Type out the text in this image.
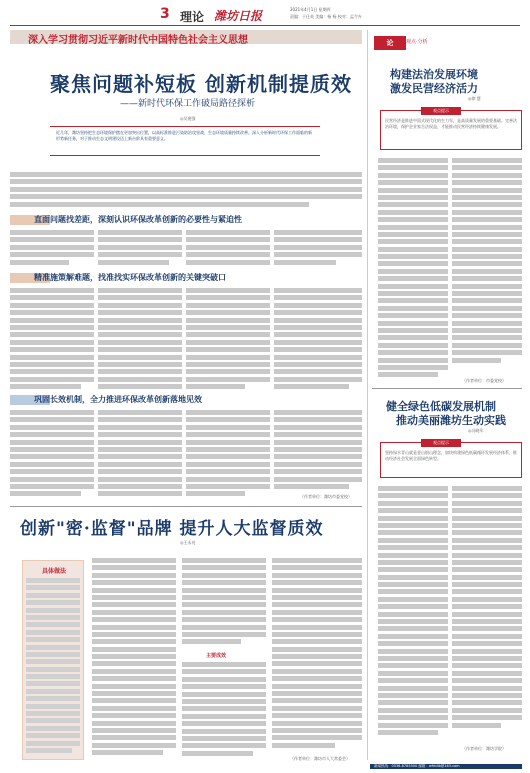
3 理论 潍坊日报	2021年4月1日 星期四
责编：于仕英 美编：杨 杨 校对：孟令卉
深入学习贯彻习近平新时代中国特色社会主义思想
聚焦问题补短板 创新机制提质效
——新时代环保工作破局路径探析
◎吴建强

近几年，潍坊坚持把生态环境保护摆在更加突出位置，以高标准推进污染防治攻坚战，生态环境质量持续改善。深入分析新时代环保工作面临的新形势新任务，对于推动生态文明建设迈上新台阶具有重要意义。

直面问题找差距，深刻认识环保改革创新的必要性与紧迫性
精准施策解难题，找准找实环保改革创新的关键突破口
巩固长效机制，全力推进环保改革创新落地见效
（作者单位：潍坊市委党校）
创新"密·监督"品牌 提升人大监督质效
◎王永亮
具体做法
主要成效
（作者单位：潍坊市人大常委会）
论	观点·分析
构建法治发展环境
激发民营经济活力
◎徐 慧
观点提示

民营经济是推进中国式现代化的生力军，是高质量发展的重要基础。完善法治环境，保护企业家合法权益，才能推动民营经济持续健康发展。

（作者单位：市委党校）
健全绿色低碳发展机制
推动美丽潍坊生动实践
◎冯晓军
观点提示

坚持绿水青山就是金山银山理念，加快构建绿色低碳循环发展经济体系，推动经济社会发展全面绿色转型。

（作者单位：潍坊学院）
新闻热线：0536-8785500 邮箱：wfrbllb@163.com
